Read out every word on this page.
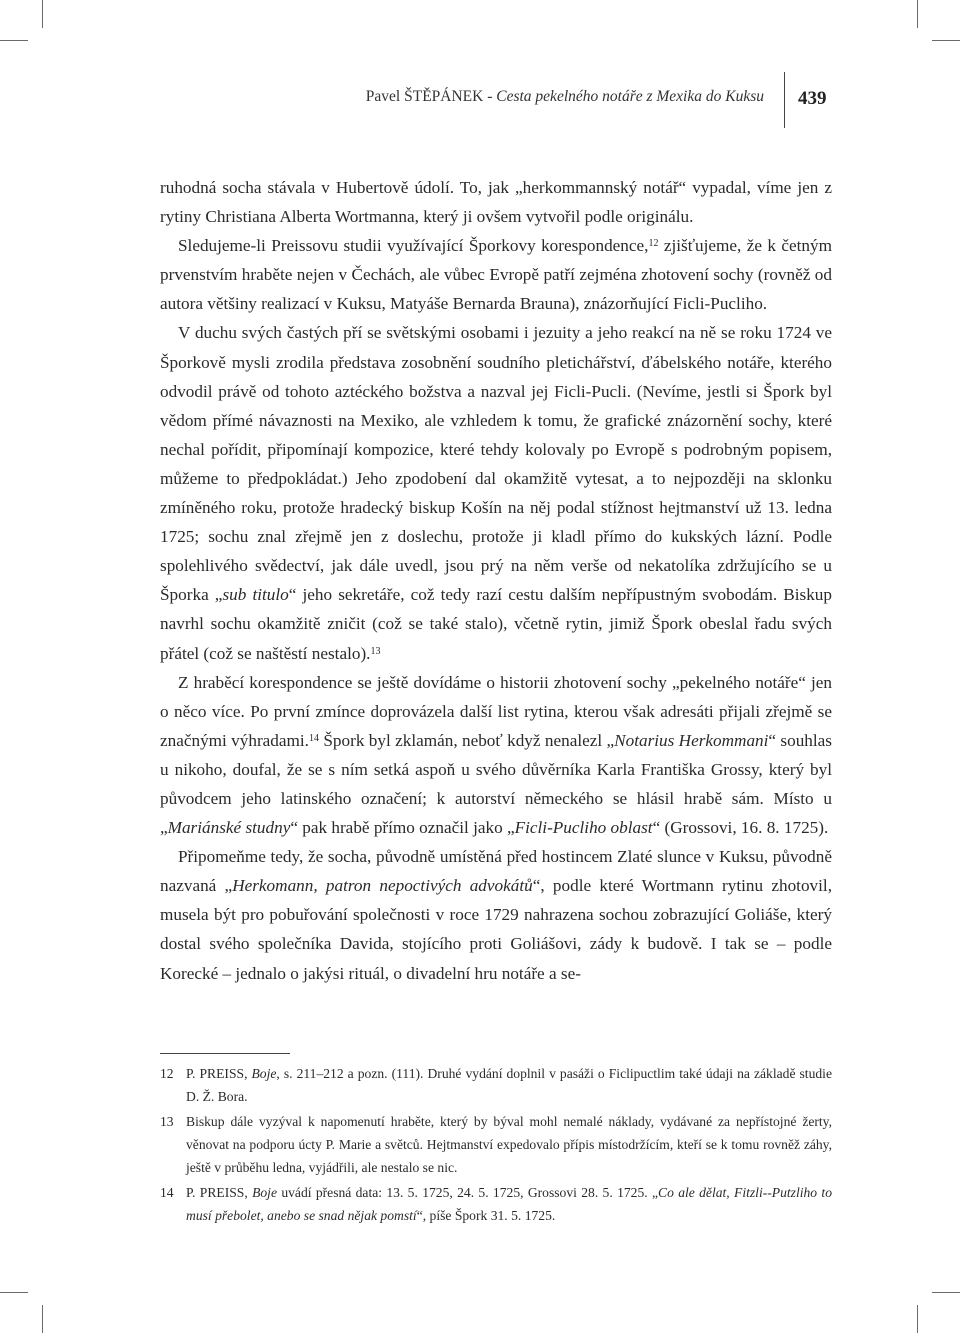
Pavel ŠTĚPÁNEK - Cesta pekelného notáře z Mexika do Kuksu 439

ruhodná socha stávala v Hubertově údolí. To, jak „herkommannský notář“ vypadal, víme jen z rytiny Christiana Alberta Wortmanna, který ji ovšem vytvořil podle originálu.

Sledujeme-li Preissovu studii využívající Šporkovy korespondence,$^{12}$ zjišťujeme, že k četným prvenstvím hraběte nejen v Čechách, ale vůbec Evropě patří zejména zhotovení sochy (rovněž od autora většiny realizací v Kuksu, Matyáše Bernarda Brauna), znázorňující Ficli-Pucliho.

V duchu svých častých pří se světskými osobami i jezuity a jeho reakcí na ně se roku 1724 ve Šporkově mysli zrodila představa zosobnění soudního pletichářství, ďábelského notáře, kterého odvodil právě od tohoto aztéckého božstva a nazval jej Ficli-Pucli. (Nevíme, jestli si Špork byl vědom přímé návaznosti na Mexiko, ale vzhledem k tomu, že grafické znázornění sochy, které nechal pořídit, připomínají kompozice, které tehdy kolovaly po Evropě s podrobným popisem, můžeme to předpokládat.) Jeho zpodobení dal okamžitě vytesat, a to nejpozději na sklonku zmíněného roku, protože hradecký biskup Košín na něj podal stížnost hejtmanství už 13. ledna 1725; sochu znal zřejmě jen z doslechu, protože ji kladl přímo do kukských lázní. Podle spolehlivého svědectví, jak dále uvedl, jsou prý na něm verše od nekatolíka zdržujícího se u Šporka „sub titulo“ jeho sekretáře, což tedy razí cestu dalším nepřípustným svobodám. Biskup navrhl sochu okamžitě zničit (což se také stalo), včetně rytin, jimiž Špork obeslal řadu svých přátel (což se naštěstí nestalo).$^{13}$

Z hraběcí korespondence se ještě dovídáme o historii zhotovení sochy „pekelného notáře“ jen o něco více. Po první zmínce doprovázela další list rytina, kterou však adresáti přijali zřejmě se značnými výhradami.$^{14}$ Špork byl zklamán, neboť když nenalezl „Notarius Herkommani“ souhlas u nikoho, doufal, že se s ním setká aspoň u svého důvěrníka Karla Františka Grossy, který byl původcem jeho latinského označení; k autorství německého se hlásil hrabě sám. Místo u „Mariánské studny“ pak hrabě přímo označil jako „Ficli-Pucliho oblast“ (Grossovi, 16. 8. 1725).

Připomeňme tedy, že socha, původně umístěná před hostincem Zlaté slunce v Kuksu, původně nazvaná „Herkomann, patron nepoctivých advokátů“, podle které Wortmann rytinu zhotovil, musela být pro pobuřování společnosti v roce 1729 nahrazena sochou zobrazující Goliáše, který dostal svého společníka Davida, stojícího proti Goliášovi, zády k budově. I tak se – podle Korecké – jednalo o jakýsi rituál, o divadelní hru notáře a se-

12 P. PREISS, Boje, s. 211–212 a pozn. (111). Druhé vydání doplnil v pasáži o Ficlipuctlim také údaji na základě studie D. Ž. Bora.
13 Biskup dále vyzýval k napomenutí hraběte, který by býval mohl nemalé náklady, vydávané za nepřístojné žerty, věnovat na podporu úcty P. Marie a světců. Hejtmanství expedovalo přípis místodržícím, kteří se k tomu rovněž záhy, ještě v průběhu ledna, vyjádřili, ale nestalo se nic.
14 P. PREISS, Boje uvádí přesná data: 13. 5. 1725, 24. 5. 1725, Grossovi 28. 5. 1725. „Co ale dělat, Fitzli--Putzliho to musí přebolet, anebo se snad nějak pomstí“, píše Špork 31. 5. 1725.
